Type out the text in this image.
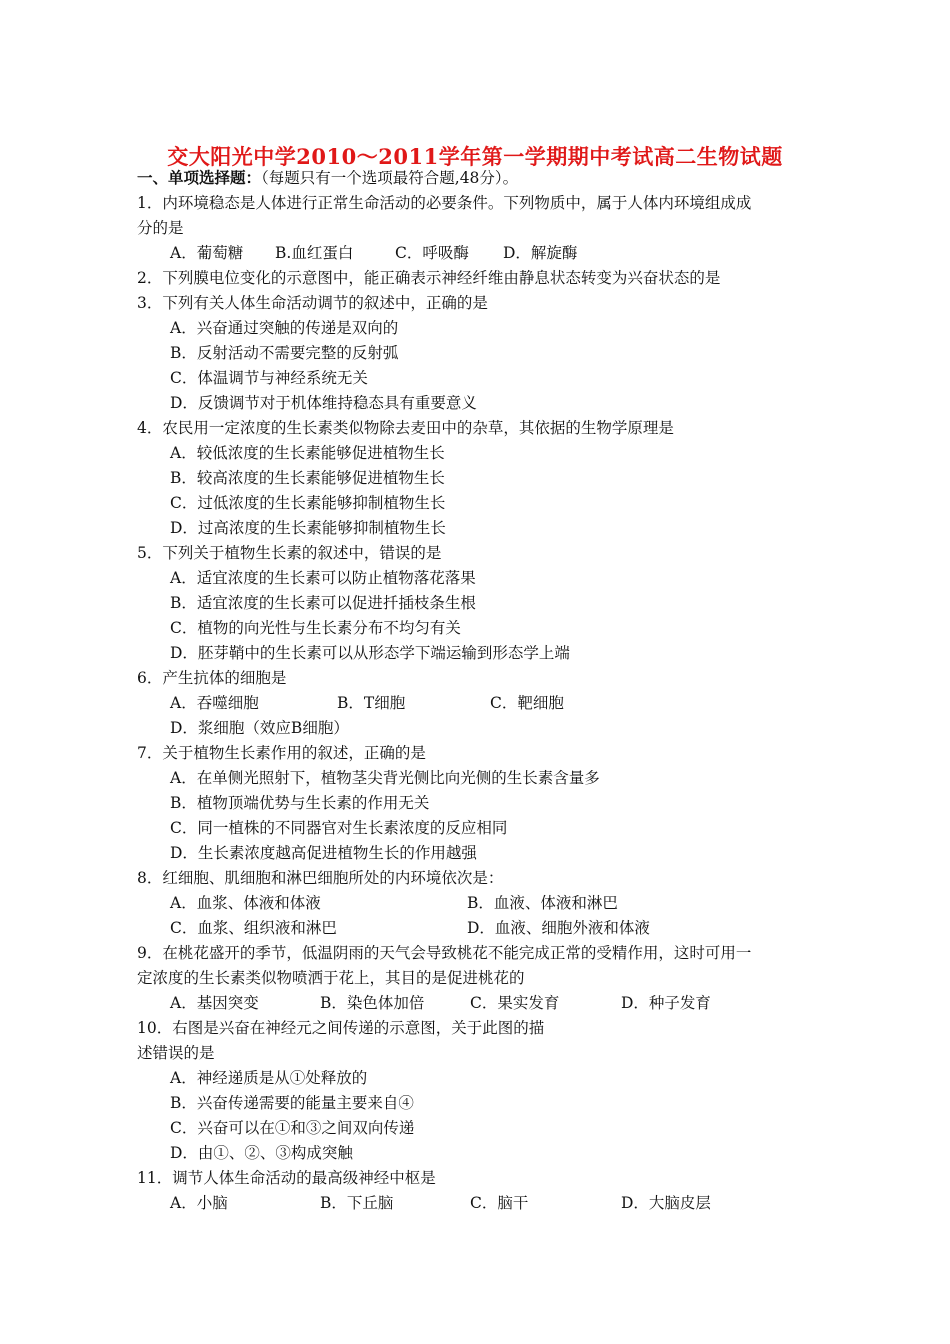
交大阳光中学2010～2011学年第一学期期中考试高二生物试题
一、单项选择题：（每题只有一个选项最符合题,48分）。
1．内环境稳态是人体进行正常生命活动的必要条件。下列物质中，属于人体内环境组成成
分的是
A．葡萄糖 B.血红蛋白	C．呼吸酶 D．解旋酶
2．下列膜电位变化的示意图中，能正确表示神经纤维由静息状态转变为兴奋状态的是
3．下列有关人体生命活动调节的叙述中，正确的是
A．兴奋通过突触的传递是双向的
B．反射活动不需要完整的反射弧
C．体温调节与神经系统无关
D．反馈调节对于机体维持稳态具有重要意义
4．农民用一定浓度的生长素类似物除去麦田中的杂草，其依据的生物学原理是
A．较低浓度的生长素能够促进植物生长
B．较高浓度的生长素能够促进植物生长
C．过低浓度的生长素能够抑制植物生长
D．过高浓度的生长素能够抑制植物生长
5．下列关于植物生长素的叙述中，错误的是
A．适宜浓度的生长素可以防止植物落花落果
B．适宜浓度的生长素可以促进扦插枝条生根
C．植物的向光性与生长素分布不均匀有关
D．胚芽鞘中的生长素可以从形态学下端运输到形态学上端
6．产生抗体的细胞是
A．吞噬细胞	B．T细胞	C．靶细胞
D．浆细胞（效应B细胞）
7．关于植物生长素作用的叙述，正确的是
A．在单侧光照射下，植物茎尖背光侧比向光侧的生长素含量多
B．植物顶端优势与生长素的作用无关
C．同一植株的不同器官对生长素浓度的反应相同
D．生长素浓度越高促进植物生长的作用越强
8．红细胞、肌细胞和淋巴细胞所处的内环境依次是：
A．血浆、体液和体液	B．血液、体液和淋巴
C．血浆、组织液和淋巴	D．血液、细胞外液和体液
9．在桃花盛开的季节，低温阴雨的天气会导致桃花不能完成正常的受精作用，这时可用一
定浓度的生长素类似物喷洒于花上，其目的是促进桃花的
A．基因突变	B．染色体加倍	C．果实发育	D．种子发育
10．右图是兴奋在神经元之间传递的示意图，关于此图的描
述错误的是
A．神经递质是从①处释放的
B．兴奋传递需要的能量主要来自④
C．兴奋可以在①和③之间双向传递
D．由①、②、③构成突触
11．调节人体生命活动的最高级神经中枢是
A．小脑	B．下丘脑	C．脑干	D．大脑皮层
